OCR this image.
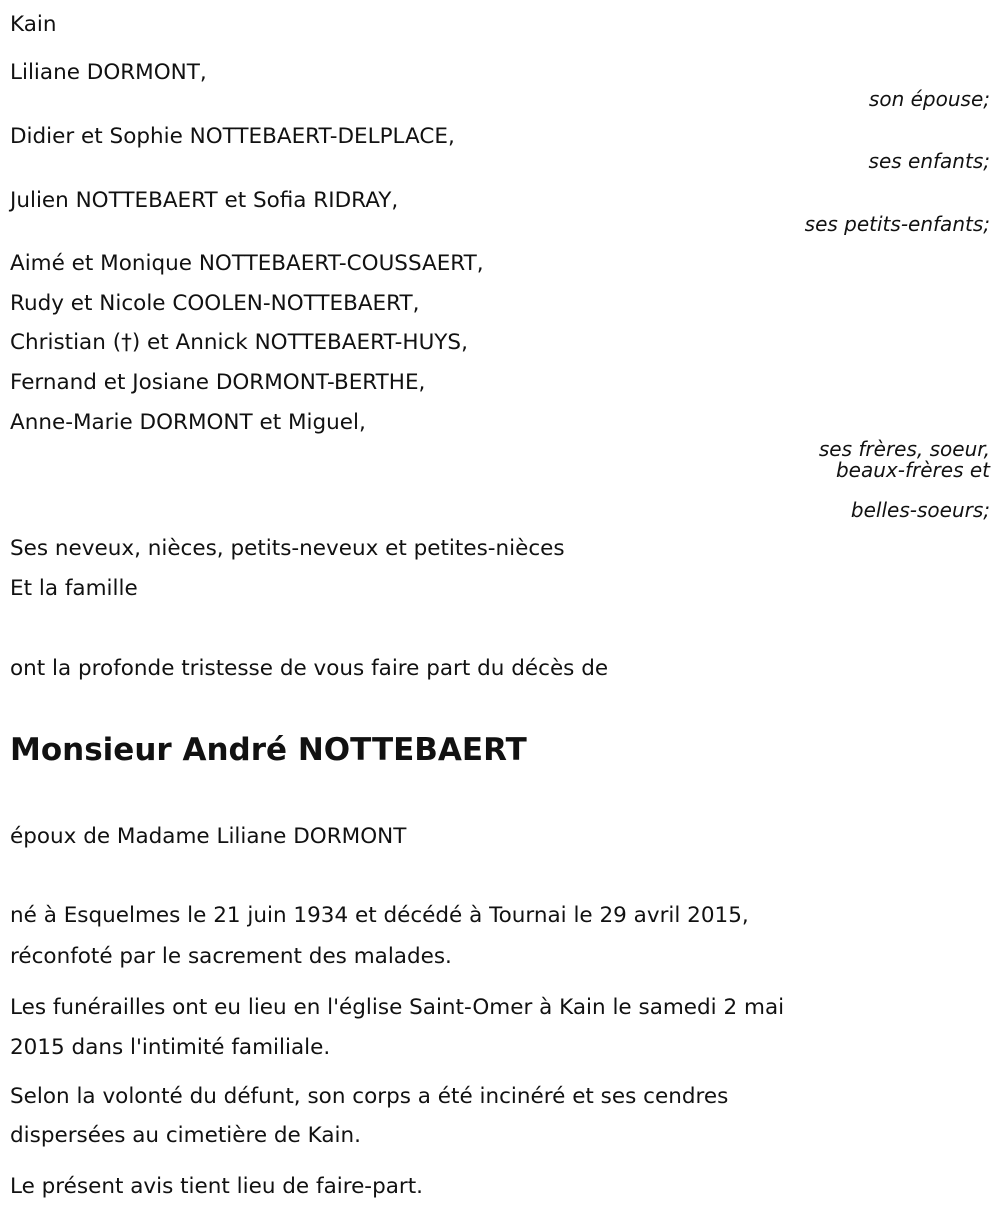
Kain
Liliane DORMONT,
son épouse;
Didier et Sophie NOTTEBAERT-DELPLACE,
ses enfants;
Julien NOTTEBAERT et Sofia RIDRAY,
ses petits-enfants;
Aimé et Monique NOTTEBAERT-COUSSAERT,
Rudy et Nicole COOLEN-NOTTEBAERT,
Christian (†) et Annick NOTTEBAERT-HUYS,
Fernand et Josiane DORMONT-BERTHE,
Anne-Marie DORMONT et Miguel,
ses frères, soeur,
beaux-frères et
belles-soeurs;
Ses neveux, nièces, petits-neveux et petites-nièces
Et la famille
ont la profonde tristesse de vous faire part du décès de
Monsieur André NOTTEBAERT
époux de Madame Liliane DORMONT
né à Esquelmes le 21 juin 1934 et décédé à Tournai le 29 avril 2015,
réconfoté par le sacrement des malades.
Les funérailles ont eu lieu en l'église Saint-Omer à Kain le samedi 2 mai
2015 dans l'intimité familiale.
Selon la volonté du défunt, son corps a été incinéré et ses cendres
dispersées au cimetière de Kain.
Le présent avis tient lieu de faire-part.
